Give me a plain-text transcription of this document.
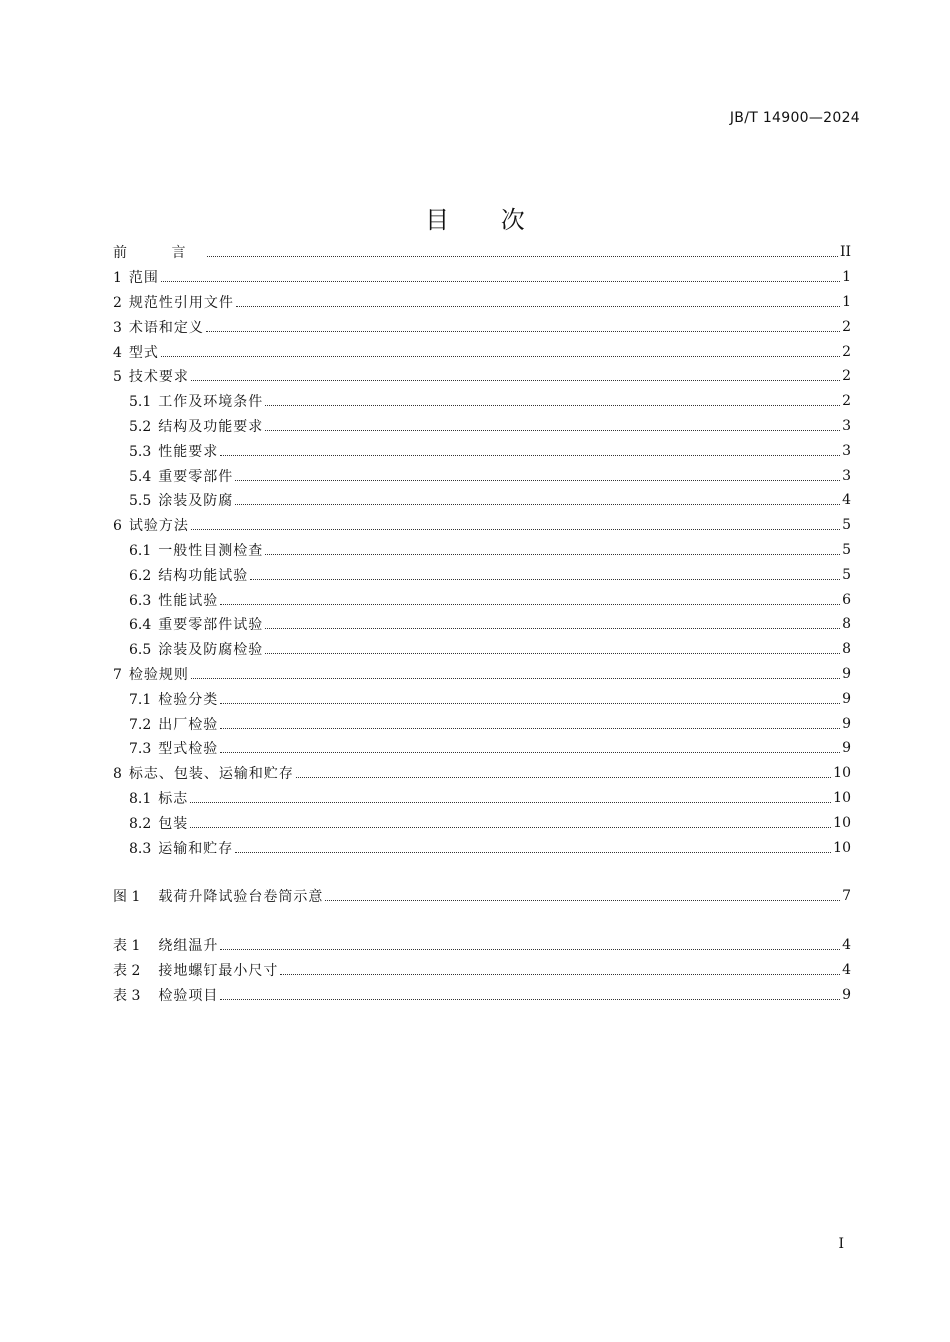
JB/T 14900—2024
目 次
前 言	II
1 范围	1
2 规范性引用文件	1
3 术语和定义	2
4 型式	2
5 技术要求	2
5.1 工作及环境条件	2
5.2 结构及功能要求	3
5.3 性能要求	3
5.4 重要零部件	3
5.5 涂装及防腐	4
6 试验方法	5
6.1 一般性目测检查	5
6.2 结构功能试验	5
6.3 性能试验	6
6.4 重要零部件试验	8
6.5 涂装及防腐检验	8
7 检验规则	9
7.1 检验分类	9
7.2 出厂检验	9
7.3 型式检验	9
8 标志、包装、运输和贮存	10
8.1 标志	10
8.2 包装	10
8.3 运输和贮存	10
图 1 载荷升降试验台卷筒示意	7
表 1 绕组温升	4
表 2 接地螺钉最小尺寸	4
表 3 检验项目	9
I
